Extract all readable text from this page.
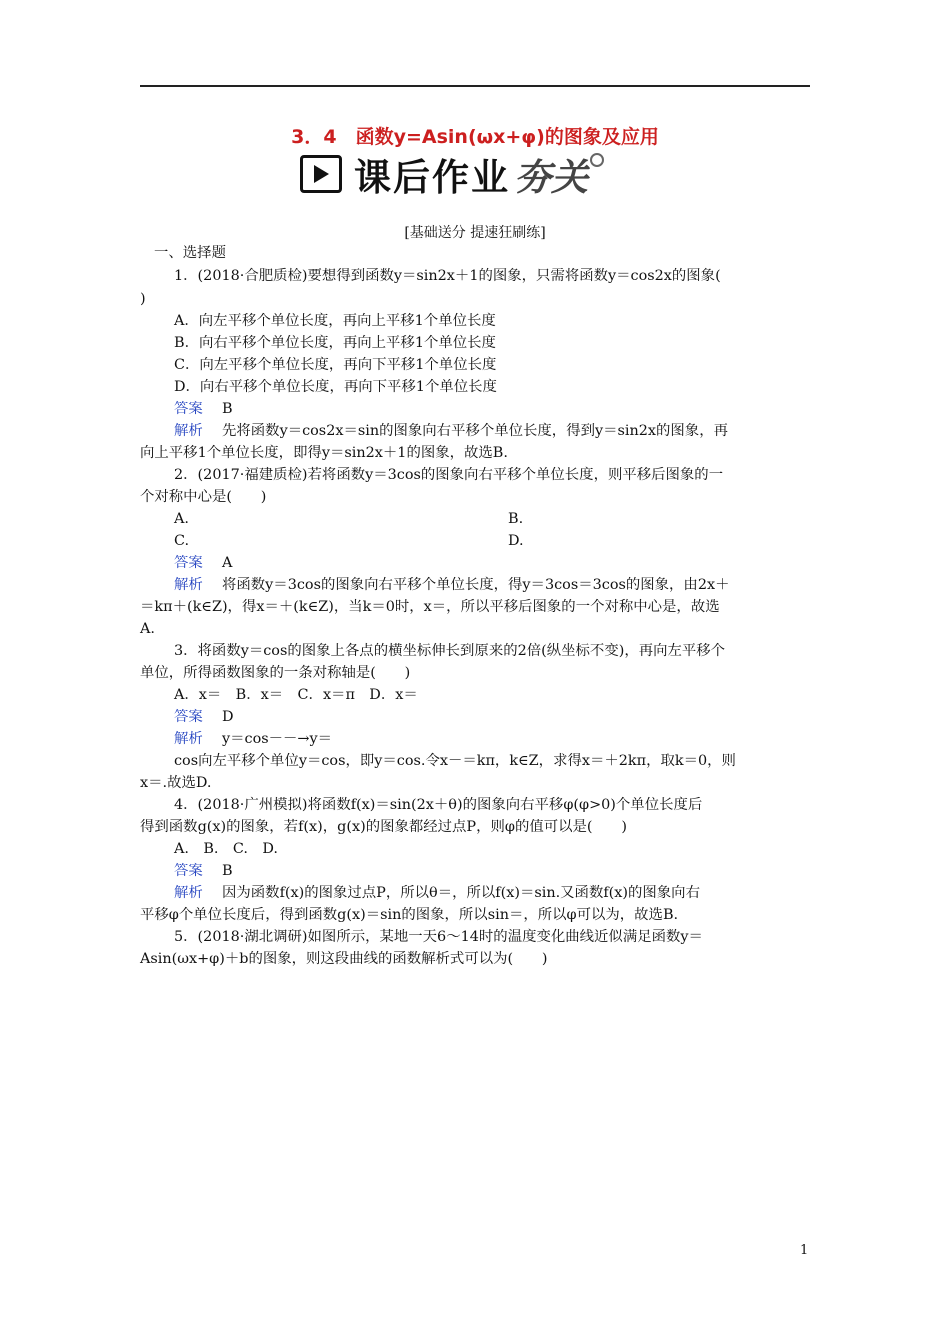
3．4　函数y=Asin(ωx+φ)的图象及应用
课后作业 夯关
[基础送分 提速狂刷练]
一、选择题
1．(2018·合肥质检)要想得到函数y＝sin2x＋1的图象，只需将函数y＝cos2x的图象(
)
A．向左平移个单位长度，再向上平移1个单位长度
B．向右平移个单位长度，再向上平移1个单位长度
C．向左平移个单位长度，再向下平移1个单位长度
D．向右平移个单位长度，再向下平移1个单位长度
答案 B
解析 先将函数y＝cos2x＝sin的图象向右平移个单位长度，得到y＝sin2x的图象，再
向上平移1个单位长度，即得y＝sin2x＋1的图象，故选B.
2．(2017·福建质检)若将函数y＝3cos的图象向右平移个单位长度，则平移后图象的一
个对称中心是(　　)
A.	B.
C.	D.
答案 A
解析 将函数y＝3cos的图象向右平移个单位长度，得y＝3cos＝3cos的图象，由2x＋
＝kπ＋(k∈Z)，得x＝＋(k∈Z)，当k＝0时，x＝，所以平移后图象的一个对称中心是，故选
A.
3．将函数y＝cos的图象上各点的横坐标伸长到原来的2倍(纵坐标不变)，再向左平移个
单位，所得函数图象的一条对称轴是(　　)
A．x＝　B．x＝　C．x＝π　D．x＝
答案 D
解析 y＝cos－－→y＝
cos向左平移个单位y＝cos，即y＝cos.令x－＝kπ，k∈Z，求得x＝＋2kπ，取k＝0，则
x＝.故选D.
4．(2018·广州模拟)将函数f(x)＝sin(2x＋θ)的图象向右平移φ(φ>0)个单位长度后
得到函数g(x)的图象，若f(x)，g(x)的图象都经过点P，则φ的值可以是(　　)
A.　B.　C.　D.
答案 B
解析 因为函数f(x)的图象过点P，所以θ＝，所以f(x)＝sin.又函数f(x)的图象向右
平移φ个单位长度后，得到函数g(x)＝sin的图象，所以sin＝，所以φ可以为，故选B.
5．(2018·湖北调研)如图所示，某地一天6～14时的温度变化曲线近似满足函数y＝
Asin(ωx+φ)＋b的图象，则这段曲线的函数解析式可以为(　　)
1
